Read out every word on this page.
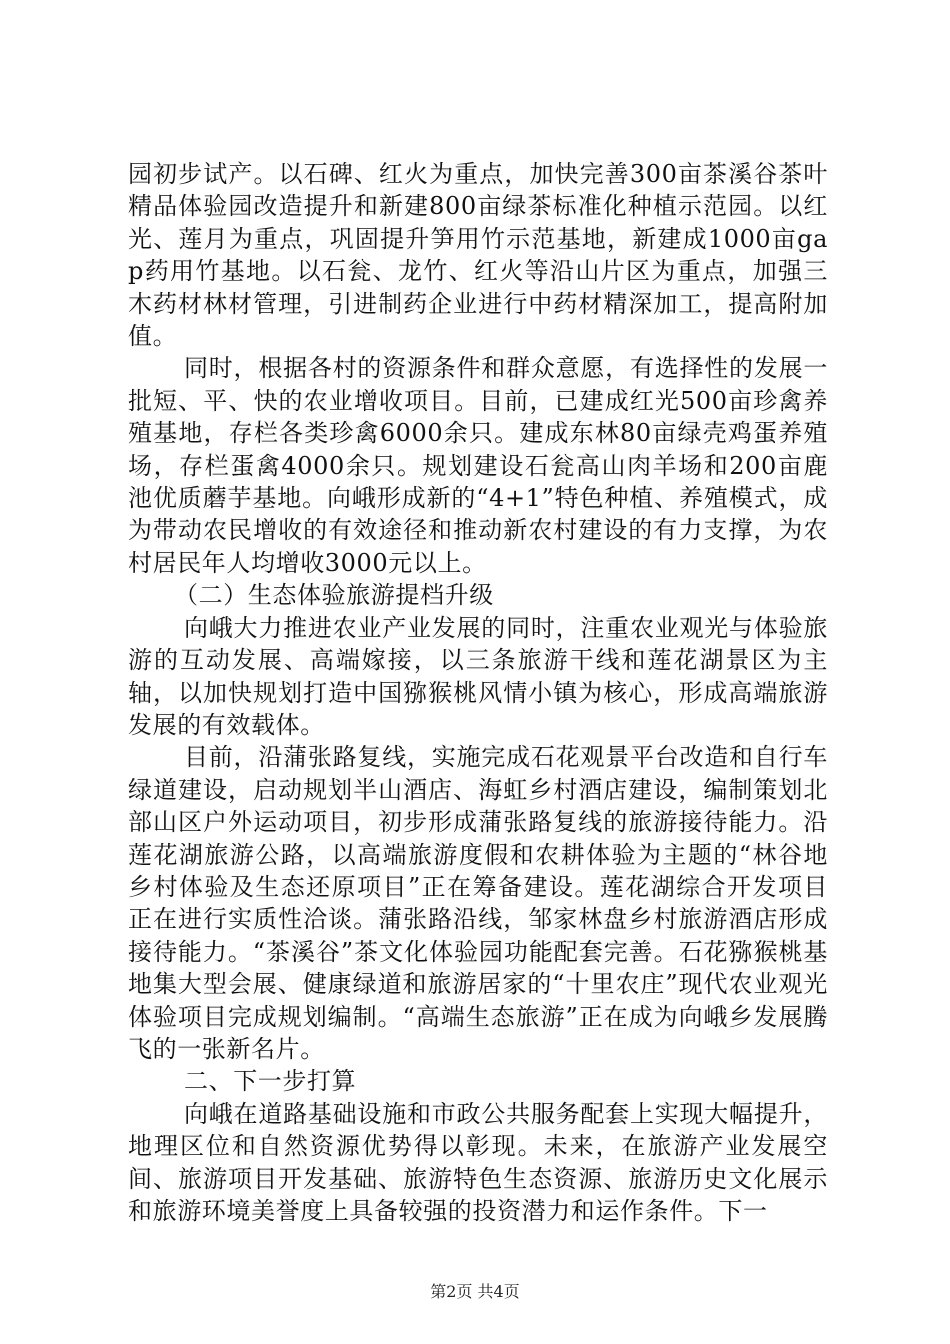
园初步试产。以石碑、红火为重点，加快完善300亩茶溪谷茶叶精品体验园改造提升和新建800亩绿茶标准化种植示范园。以红光、莲月为重点，巩固提升笋用竹示范基地，新建成1000亩gap药用竹基地。以石瓮、龙竹、红火等沿山片区为重点，加强三木药材林材管理，引进制药企业进行中药材精深加工，提高附加值。

同时，根据各村的资源条件和群众意愿，有选择性的发展一批短、平、快的农业增收项目。目前，已建成红光500亩珍禽养殖基地，存栏各类珍禽6000余只。建成东林80亩绿壳鸡蛋养殖场，存栏蛋禽4000余只。规划建设石瓮高山肉羊场和200亩鹿池优质蘑芋基地。向峨形成新的“4+1”特色种植、养殖模式，成为带动农民增收的有效途径和推动新农村建设的有力支撑，为农村居民年人均增收3000元以上。

（二）生态体验旅游提档升级

向峨大力推进农业产业发展的同时，注重农业观光与体验旅游的互动发展、高端嫁接，以三条旅游干线和莲花湖景区为主轴，以加快规划打造中国猕猴桃风情小镇为核心，形成高端旅游发展的有效载体。

目前，沿蒲张路复线，实施完成石花观景平台改造和自行车绿道建设，启动规划半山酒店、海虹乡村酒店建设，编制策划北部山区户外运动项目，初步形成蒲张路复线的旅游接待能力。沿莲花湖旅游公路，以高端旅游度假和农耕体验为主题的“林谷地乡村体验及生态还原项目”正在筹备建设。莲花湖综合开发项目正在进行实质性洽谈。蒲张路沿线，邹家林盘乡村旅游酒店形成接待能力。“茶溪谷”茶文化体验园功能配套完善。石花猕猴桃基地集大型会展、健康绿道和旅游居家的“十里农庄”现代农业观光体验项目完成规划编制。“高端生态旅游”正在成为向峨乡发展腾飞的一张新名片。

二、下一步打算

向峨在道路基础设施和市政公共服务配套上实现大幅提升，地理区位和自然资源优势得以彰现。未来，在旅游产业发展空间、旅游项目开发基础、旅游特色生态资源、旅游历史文化展示和旅游环境美誉度上具备较强的投资潜力和运作条件。下一

第2页 共4页
